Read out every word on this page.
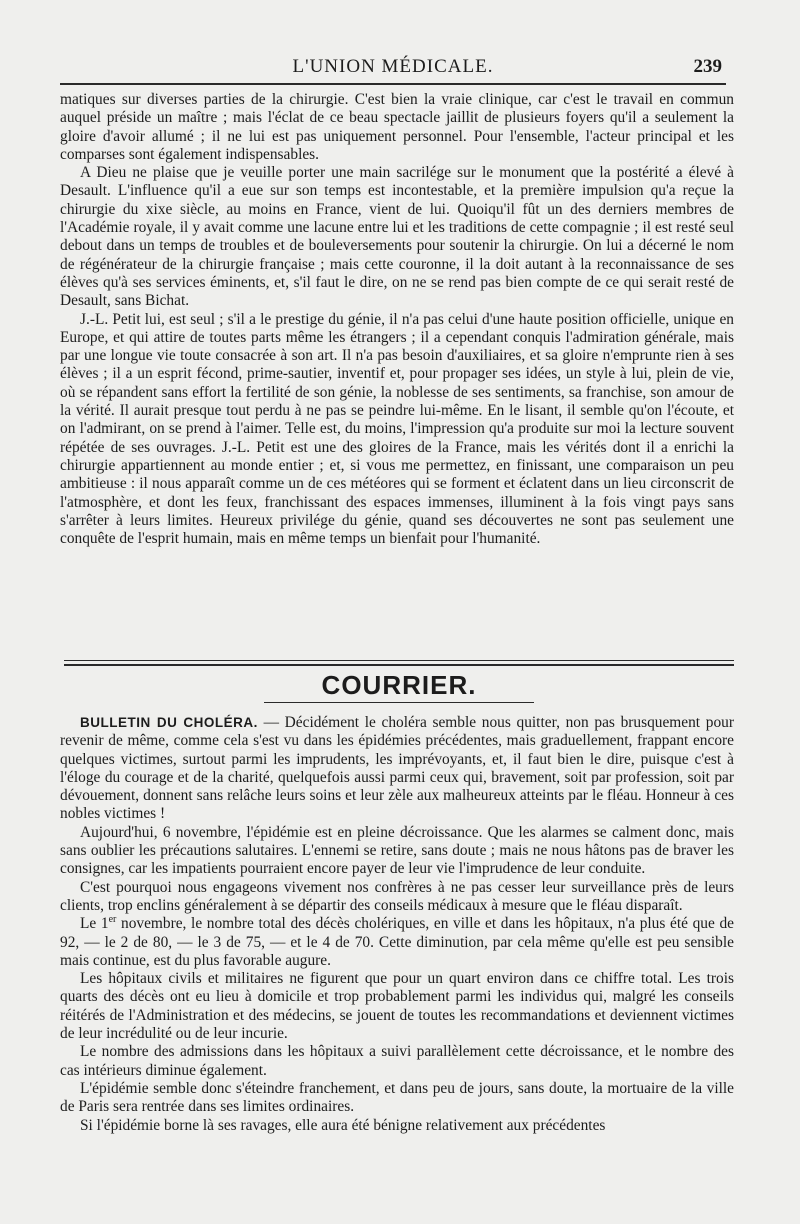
L'UNION MÉDICALE.	239

matiques sur diverses parties de la chirurgie. C'est bien la vraie clinique, car c'est le travail en commun auquel préside un maître ; mais l'éclat de ce beau spectacle jaillit de plusieurs foyers qu'il a seulement la gloire d'avoir allumé ; il ne lui est pas uniquement personnel. Pour l'ensemble, l'acteur principal et les comparses sont également indispensables.

A Dieu ne plaise que je veuille porter une main sacrilége sur le monument que la postérité a élevé à Desault. L'influence qu'il a eue sur son temps est incontestable, et la première impulsion qu'a reçue la chirurgie du xixe siècle, au moins en France, vient de lui. Quoiqu'il fût un des derniers membres de l'Académie royale, il y avait comme une lacune entre lui et les traditions de cette compagnie ; il est resté seul debout dans un temps de troubles et de bouleversements pour soutenir la chirurgie. On lui a décerné le nom de régénérateur de la chirurgie française ; mais cette couronne, il la doit autant à la reconnaissance de ses élèves qu'à ses services éminents, et, s'il faut le dire, on ne se rend pas bien compte de ce qui serait resté de Desault, sans Bichat.

J.-L. Petit lui, est seul ; s'il a le prestige du génie, il n'a pas celui d'une haute position officielle, unique en Europe, et qui attire de toutes parts même les étrangers ; il a cependant conquis l'admiration générale, mais par une longue vie toute consacrée à son art. Il n'a pas besoin d'auxiliaires, et sa gloire n'emprunte rien à ses élèves ; il a un esprit fécond, prime-sautier, inventif et, pour propager ses idées, un style à lui, plein de vie, où se répandent sans effort la fertilité de son génie, la noblesse de ses sentiments, sa franchise, son amour de la vérité. Il aurait presque tout perdu à ne pas se peindre lui-même. En le lisant, il semble qu'on l'écoute, et on l'admirant, on se prend à l'aimer. Telle est, du moins, l'impression qu'a produite sur moi la lecture souvent répétée de ses ouvrages. J.-L. Petit est une des gloires de la France, mais les vérités dont il a enrichi la chirurgie appartiennent au monde entier ; et, si vous me permettez, en finissant, une comparaison un peu ambitieuse : il nous apparaît comme un de ces météores qui se forment et éclatent dans un lieu circonscrit de l'atmosphère, et dont les feux, franchissant des espaces immenses, illuminent à la fois vingt pays sans s'arrêter à leurs limites. Heureux privilége du génie, quand ses découvertes ne sont pas seulement une conquête de l'esprit humain, mais en même temps un bienfait pour l'humanité.

COURRIER.

BULLETIN DU CHOLÉRA. — Décidément le choléra semble nous quitter, non pas brusquement pour revenir de même, comme cela s'est vu dans les épidémies précédentes, mais graduellement, frappant encore quelques victimes, surtout parmi les imprudents, les imprévoyants, et, il faut bien le dire, puisque c'est à l'éloge du courage et de la charité, quelquefois aussi parmi ceux qui, bravement, soit par profession, soit par dévouement, donnent sans relâche leurs soins et leur zèle aux malheureux atteints par le fléau. Honneur à ces nobles victimes !

Aujourd'hui, 6 novembre, l'épidémie est en pleine décroissance. Que les alarmes se calment donc, mais sans oublier les précautions salutaires. L'ennemi se retire, sans doute ; mais ne nous hâtons pas de braver les consignes, car les impatients pourraient encore payer de leur vie l'imprudence de leur conduite.

C'est pourquoi nous engageons vivement nos confrères à ne pas cesser leur surveillance près de leurs clients, trop enclins généralement à se départir des conseils médicaux à mesure que le fléau disparaît.

Le 1er novembre, le nombre total des décès cholériques, en ville et dans les hôpitaux, n'a plus été que de 92, — le 2 de 80, — le 3 de 75, — et le 4 de 70. Cette diminution, par cela même qu'elle est peu sensible mais continue, est du plus favorable augure.

Les hôpitaux civils et militaires ne figurent que pour un quart environ dans ce chiffre total. Les trois quarts des décès ont eu lieu à domicile et trop probablement parmi les individus qui, malgré les conseils réitérés de l'Administration et des médecins, se jouent de toutes les recommandations et deviennent victimes de leur incrédulité ou de leur incurie.

Le nombre des admissions dans les hôpitaux a suivi parallèlement cette décroissance, et le nombre des cas intérieurs diminue également.

L'épidémie semble donc s'éteindre franchement, et dans peu de jours, sans doute, la mortuaire de la ville de Paris sera rentrée dans ses limites ordinaires.

Si l'épidémie borne là ses ravages, elle aura été bénigne relativement aux précédentes
